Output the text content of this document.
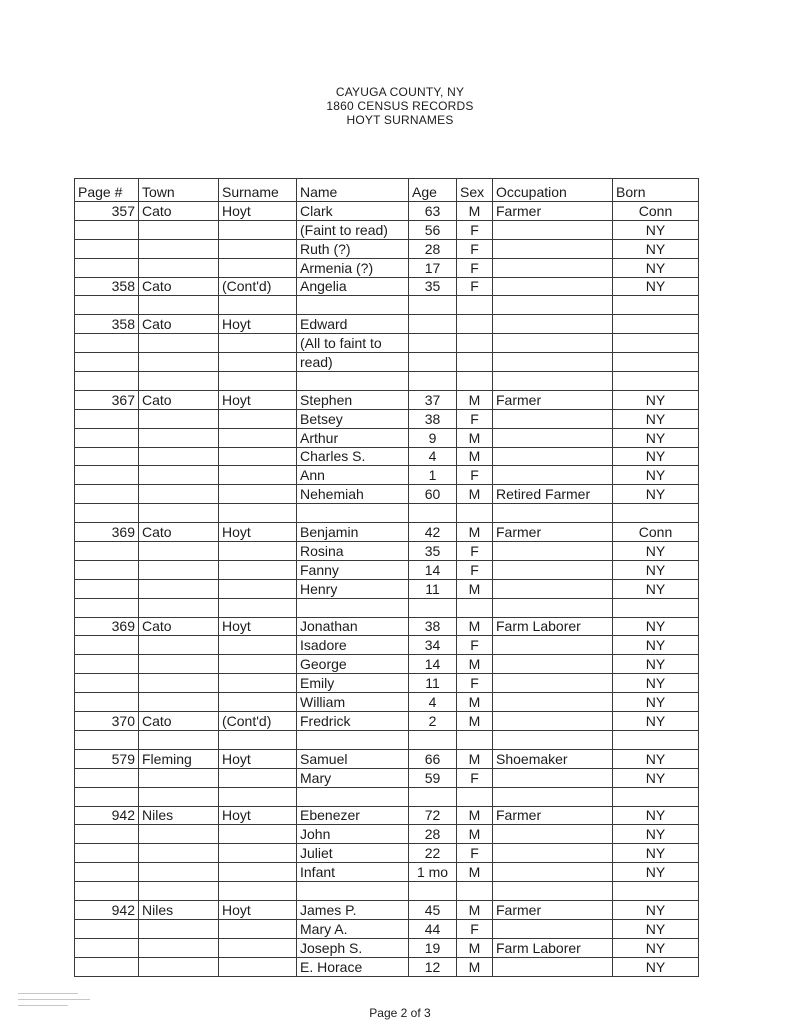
CAYUGA COUNTY, NY
1860 CENSUS RECORDS
HOYT SURNAMES
Page #	Town	Surname	Name	Age	Sex	Occupation	Born
357	Cato	Hoyt	Clark	63	M	Farmer	Conn
			(Faint to read)	56	F		NY
			Ruth (?)	28	F		NY
			Armenia (?)	17	F		NY
358	Cato	(Cont'd)	Angelia	35	F		NY

358	Cato	Hoyt	Edward				
			(All to faint to				
			read)				

367	Cato	Hoyt	Stephen	37	M	Farmer	NY
			Betsey	38	F		NY
			Arthur	9	M		NY
			Charles S.	4	M		NY
			Ann	1	F		NY
			Nehemiah	60	M	Retired Farmer	NY

369	Cato	Hoyt	Benjamin	42	M	Farmer	Conn
			Rosina	35	F		NY
			Fanny	14	F		NY
			Henry	11	M		NY

369	Cato	Hoyt	Jonathan	38	M	Farm Laborer	NY
			Isadore	34	F		NY
			George	14	M		NY
			Emily	11	F		NY
			William	4	M		NY
370	Cato	(Cont'd)	Fredrick	2	M		NY

579	Fleming	Hoyt	Samuel	66	M	Shoemaker	NY
			Mary	59	F		NY

942	Niles	Hoyt	Ebenezer	72	M	Farmer	NY
			John	28	M		NY
			Juliet	22	F		NY
			Infant	1 mo	M		NY

942	Niles	Hoyt	James P.	45	M	Farmer	NY
			Mary A.	44	F		NY
			Joseph S.	19	M	Farm Laborer	NY
			E. Horace	12	M		NY
Page 2 of 3
